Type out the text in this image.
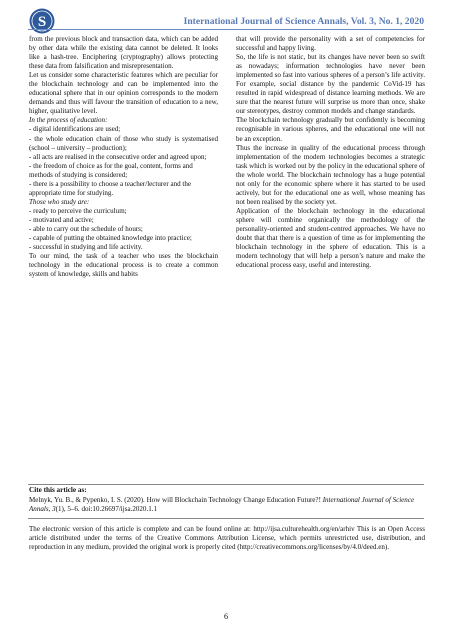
S	International Journal of Science Annals, Vol. 3, No. 1, 2020

from the previous block and transaction data, which can be added by other data while the existing data cannot be deleted. It looks like a hash-tree. Enciphering (cryptography) allows protecting these data from falsification and misrepresentation.

Let us consider some characteristic features which are peculiar for the blockchain technology and can be implemented into the educational sphere that in our opinion corresponds to the modern demands and thus will favour the transition of education to a new, higher, qualitative level.

In the process of education:

- digital identifications are used;

- the whole education chain of those who study is systematised (school – university – production);

- all acts are realised in the consecutive order and agreed upon;

- the freedom of choice as for the goal, content, forms and methods of studying is considered;

- there is a possibility to choose a teacher/lecturer and the appropriate time for studying.

Those who study are:

- ready to perceive the curriculum;

- motivated and active;

- able to carry out the schedule of hours;

- capable of putting the obtained knowledge into practice;

- successful in studying and life activity.

To our mind, the task of a teacher who uses the blockchain technology in the educational process is to create a common system of knowledge, skills and habits

that will provide the personality with a set of competencies for successful and happy living.

So, the life is not static, but its changes have never been so swift as nowadays; information technologies have never been implemented so fast into various spheres of a person’s life activity. For example, social distance by the pandemic CoVid-19 has resulted in rapid widespread of distance learning methods. We are sure that the nearest future will surprise us more than once, shake our stereotypes, destroy common models and change standards.

The blockchain technology gradually but confidently is becoming recognisable in various spheres, and the educational one will not be an exception.

Thus the increase in quality of the educational process through implementation of the modern technologies becomes a strategic task which is worked out by the policy in the educational sphere of the whole world. The blockchain technology has a huge potential not only for the economic sphere where it has started to be used actively, but for the educational one as well, whose meaning has not been realised by the society yet.

Application of the blockchain technology in the educational sphere will combine organically the methodology of the personality-oriented and student-centred approaches. We have no doubt that that there is a question of time as for implementing the blockchain technology in the sphere of education. This is a modern technology that will help a person’s nature and make the educational process easy, useful and interesting.

Cite this article as:
Melnyk, Yu. B., & Pypenko, I. S. (2020). How will Blockchain Technology Change Education Future?! International Journal of Science Annals, 3(1), 5–6. doi:10.26697/ijsa.2020.1.1
The electronic version of this article is complete and can be found online at: http://ijsa.culturehealth.org/en/arhiv This is an Open Access article distributed under the terms of the Creative Commons Attribution License, which permits unrestricted use, distribution, and reproduction in any medium, provided the original work is properly cited (http://creativecommons.org/licenses/by/4.0/deed.en).
6
